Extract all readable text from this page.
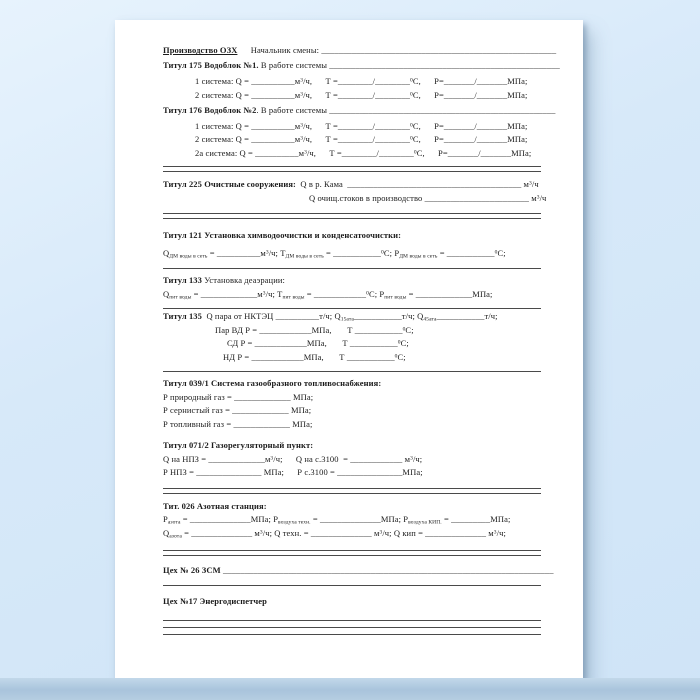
Производство ОЗХ      Начальник смены: ______________________________________________________
Титул 175 Водоблок №1. В работе системы _____________________________________________________
1 система: $Q = \_\_\_\_\_\_\_\_\_\_м^3/ч$,      Т =________/________$^0$С,      Р=_______/_______МПа;
2 система: $Q = \_\_\_\_\_\_\_\_\_\_м^3/ч$,      Т =________/________$^0$С,      Р=_______/_______МПа;
Титул 176 Водоблок №2. В работе системы ____________________________________________________
1 система: $Q = \_\_\_\_\_\_\_\_\_\_м^3/ч$,      Т =________/________$^0$С,      Р=_______/_______МПа;
2 система: $Q = \_\_\_\_\_\_\_\_\_\_м^3/ч$,      Т =________/________$^0$С,      Р=_______/_______МПа;
2а система: $Q = \_\_\_\_\_\_\_\_\_\_м^3/ч$,      Т =________/________$^0$С,      Р=_______/_______МПа;
Титул 225 Очистные сооружения:  Q в р. Кама  ________________________________________ $м^3/ч$
Q очищ.стоков в производство ________________________ $м^3/ч$
Титул 121 Установка химводоочистки и конденсатоочистки:
$Q_{ДМ воды в сеть}$ = $\_\_\_\_\_\_\_\_\_\_м^3/ч$; $Т_{ДМ воды в сеть}$ = ___________$^0$С; $Р_{ДМ воды в сеть}$ = ___________$^0$С;
Титул 133 Установка деаэрации:
$Q_{пит воды}$ = $\_\_\_\_\_\_\_\_\_\_\_\_\_м^3/ч$; $Т_{пит воды}$ = ____________$^0$С; $Р_{пит воды}$ = _____________МПа;
Титул 135  Q пара от НКТЭЦ __________т/ч; $Q_{15ата}\_\_\_\_\_\_\_\_\_\_\_т/ч$; $Q_{45ата}\_\_\_\_\_\_\_\_\_\_\_т/ч$;
Пар ВД Р = ____________МПа,       Т ___________$^0$С;
СД Р = ____________МПа,       Т ___________$^0$С;
НД Р = ____________МПа,       Т ___________$^0$С;
Титул 039/1 Система газообразного топливоснабжения:
Р природный газ = _____________ МПа;
Р сернистый газ = _____________ МПа;
Р топливный газ = _____________ МПа;
Титул 071/2 Газорегуляторный пункт:
Q на НПЗ = $\_\_\_\_\_\_\_\_\_\_\_\_\_м^3/ч$;      Q на с.3100  = ____________ $м^3/ч$;
Р НПЗ = _______________ МПа;      Р с.3100 = _______________МПа;
Тит. 026 Азотная станция:
$Р_{азота}$ = ______________МПа; $Р_{воздуха техн.}$ = ______________МПа; $Р_{воздуха КИП.}$ = _________МПа;
$Q_{азота}$ = ______________ $м^3/ч$; Q техн. = ______________ $м^3/ч$; Q кип = ______________ $м^3/ч$;
Цех № 26 ЗСМ ____________________________________________________________________________
Цех №17 Энергодиспетчер
